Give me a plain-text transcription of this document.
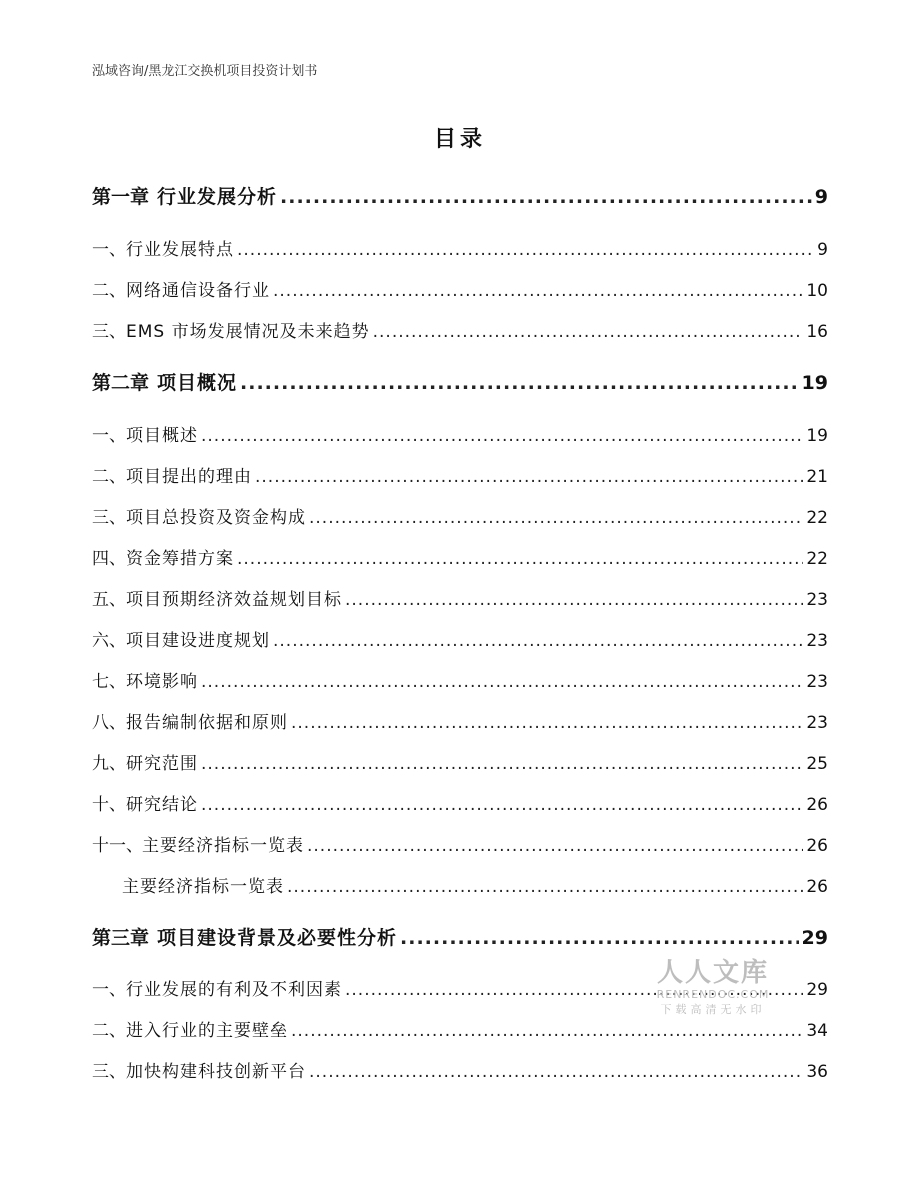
泓域咨询/黑龙江交换机项目投资计划书
目录
第一章 行业发展分析 .....	9
一、 行业发展特点 .....	9
二、 网络通信设备行业 .....	10
三、 EMS 市场发展情况及未来趋势 .....	16
第二章 项目概况 .....	19
一、 项目概述 .....	19
二、 项目提出的理由 .....	21
三、 项目总投资及资金构成 .....	22
四、 资金筹措方案 .....	22
五、 项目预期经济效益规划目标 .....	23
六、 项目建设进度规划 .....	23
七、 环境影响 .....	23
八、 报告编制依据和原则 .....	23
九、 研究范围 .....	25
十、 研究结论 .....	26
十一、 主要经济指标一览表 .....	26
主要经济指标一览表 .....	26
第三章 项目建设背景及必要性分析 .....	29
一、 行业发展的有利及不利因素 .....	29
二、 进入行业的主要壁垒 .....	34
三、 加快构建科技创新平台 .....	36
人人文库
RENRENDOC.COM
下载高清无水印
